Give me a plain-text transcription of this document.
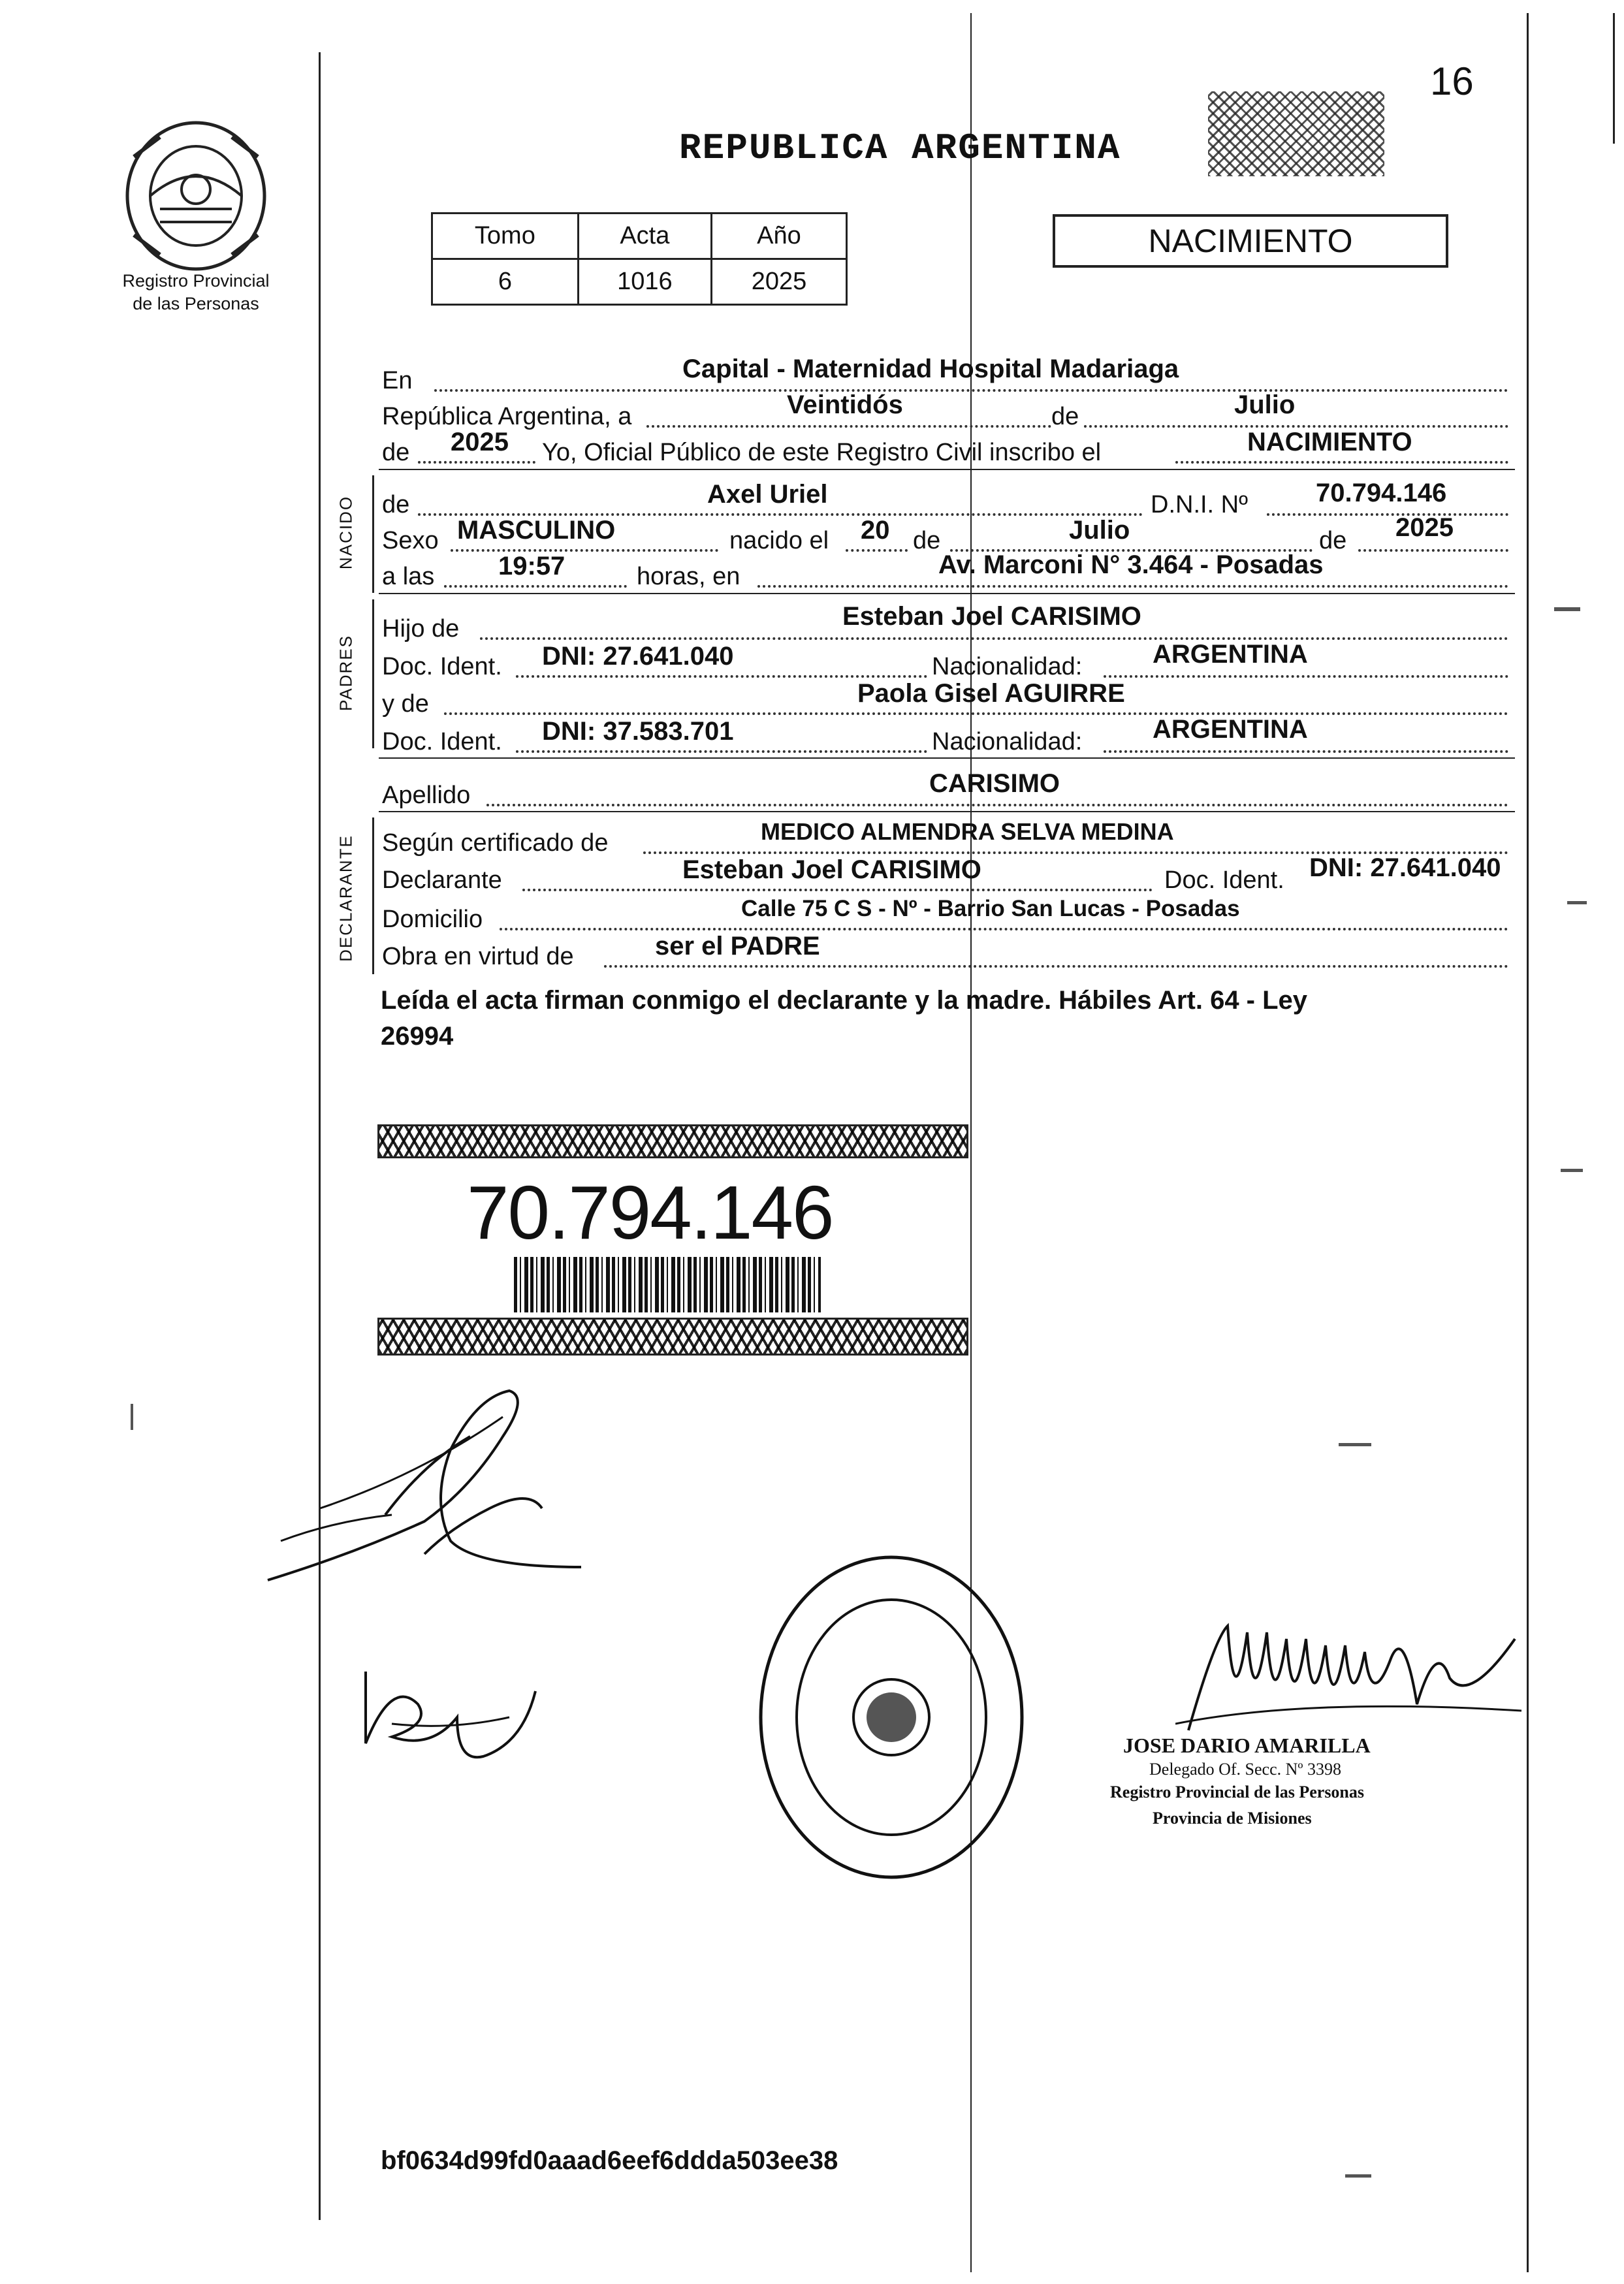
16
Registro Provincial
de las Personas
REPUBLICA ARGENTINA
Tomo	Acta	Año
6	1016	2025
NACIMIENTO
En	Capital - Maternidad Hospital Madariaga
República Argentina, a	Veintidós	de	Julio
de 2025 Yo, Oficial Público de este Registro Civil inscribo el	NACIMIENTO
NACIDO de	Axel Uriel	D.N.I. Nº	70.794.146
Sexo MASCULINO	nacido el 20 de	Julio	de 2025
a las 19:57	horas, en	Av. Marconi N° 3.464 - Posadas
PADRES
Hijo de	Esteban Joel CARISIMO
Doc. Ident. DNI: 27.641.040	Nacionalidad:	ARGENTINA
y de	Paola Gisel AGUIRRE
Doc. Ident. DNI: 37.583.701	Nacionalidad:	ARGENTINA
Apellido	CARISIMO
DECLARANTE Según certificado de	MEDICO ALMENDRA SELVA MEDINA
Declarante	Esteban Joel CARISIMO	Doc. Ident. DNI: 27.641.040
Domicilio	Calle 75 C S - Nº - Barrio San Lucas - Posadas
Obra en virtud de	ser el PADRE
Leída el acta firman conmigo el declarante y la madre. Hábiles Art. 64 - Ley
26994
70.794.146
JOSE DARIO AMARILLA
Delegado Of. Secc. Nº 3398
Registro Provincial de las Personas
Provincia de Misiones
bf0634d99fd0aaad6eef6ddda503ee38
